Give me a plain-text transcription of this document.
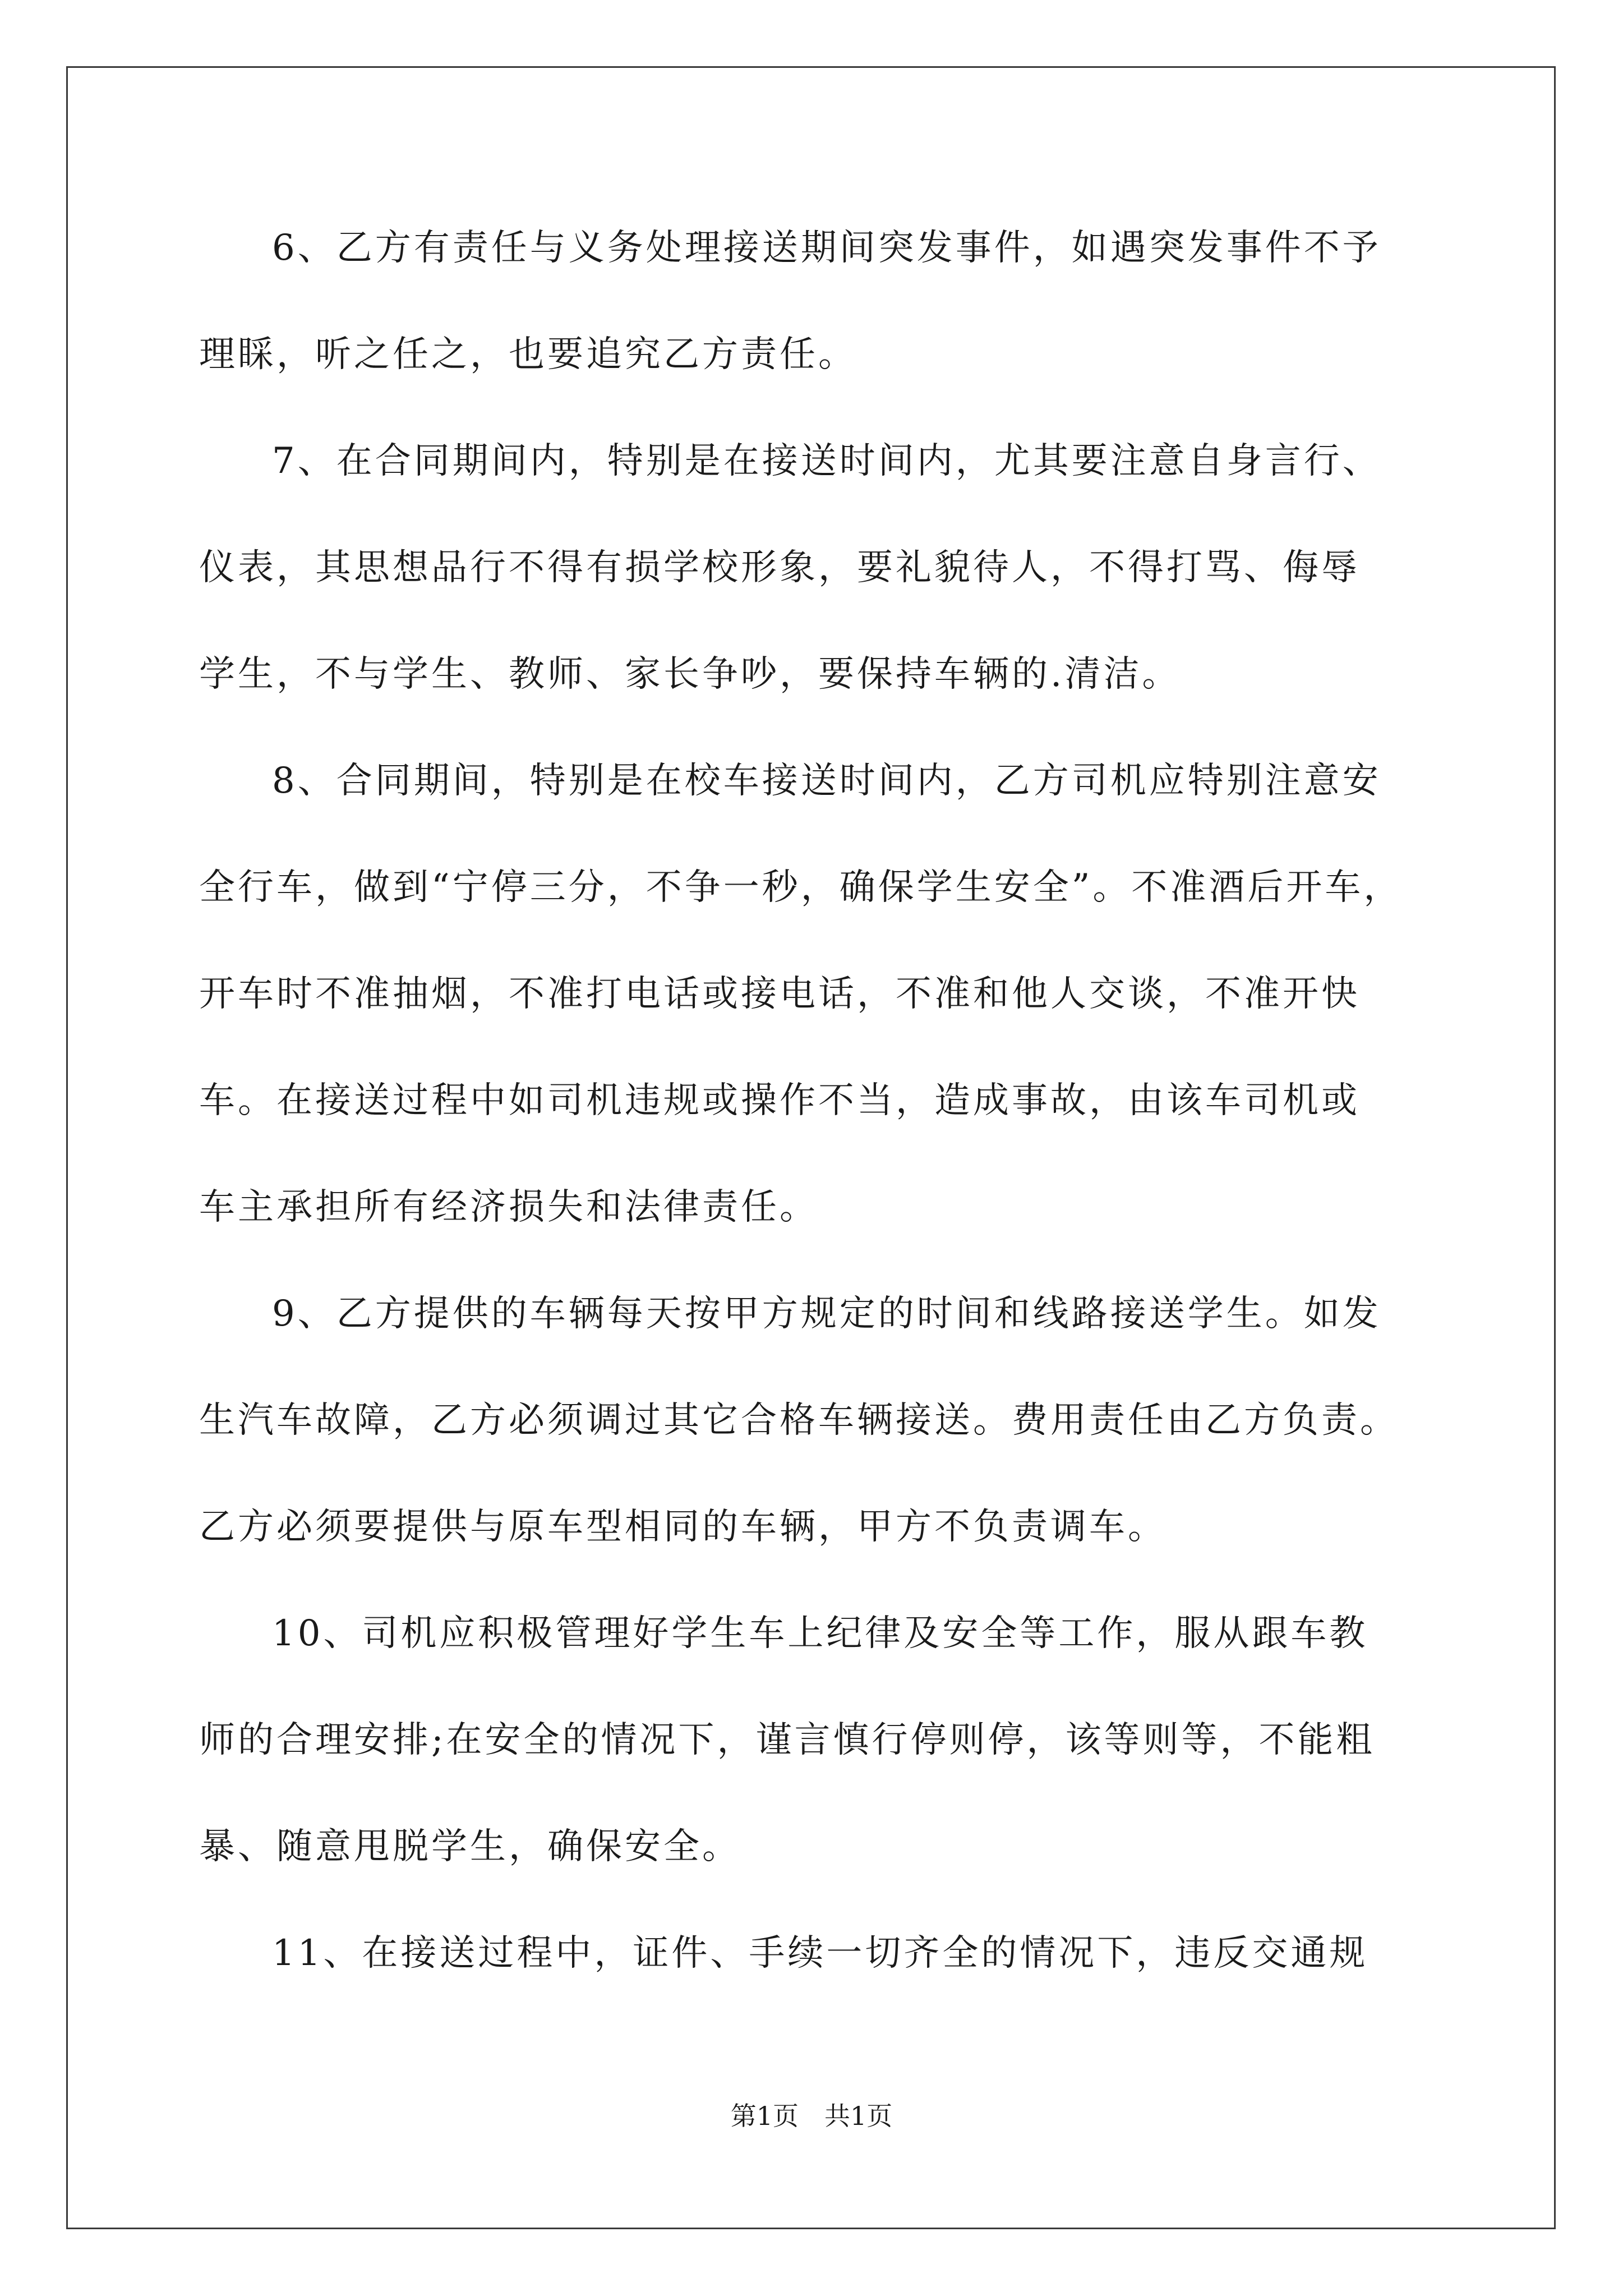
6、乙方有责任与义务处理接送期间突发事件，如遇突发事件不予
理睬，听之任之，也要追究乙方责任。
7、在合同期间内，特别是在接送时间内，尤其要注意自身言行、
仪表，其思想品行不得有损学校形象，要礼貌待人，不得打骂、侮辱
学生，不与学生、教师、家长争吵，要保持车辆的.清洁。
8、合同期间，特别是在校车接送时间内，乙方司机应特别注意安
全行车，做到“宁停三分，不争一秒，确保学生安全”。不准酒后开车，
开车时不准抽烟，不准打电话或接电话，不准和他人交谈，不准开快
车。在接送过程中如司机违规或操作不当，造成事故，由该车司机或
车主承担所有经济损失和法律责任。
9、乙方提供的车辆每天按甲方规定的时间和线路接送学生。如发
生汽车故障，乙方必须调过其它合格车辆接送。费用责任由乙方负责。
乙方必须要提供与原车型相同的车辆，甲方不负责调车。
10、司机应积极管理好学生车上纪律及安全等工作，服从跟车教
师的合理安排;在安全的情况下，谨言慎行停则停，该等则等，不能粗
暴、随意甩脱学生，确保安全。
11、在接送过程中，证件、手续一切齐全的情况下，违反交通规
第1页　共1页
